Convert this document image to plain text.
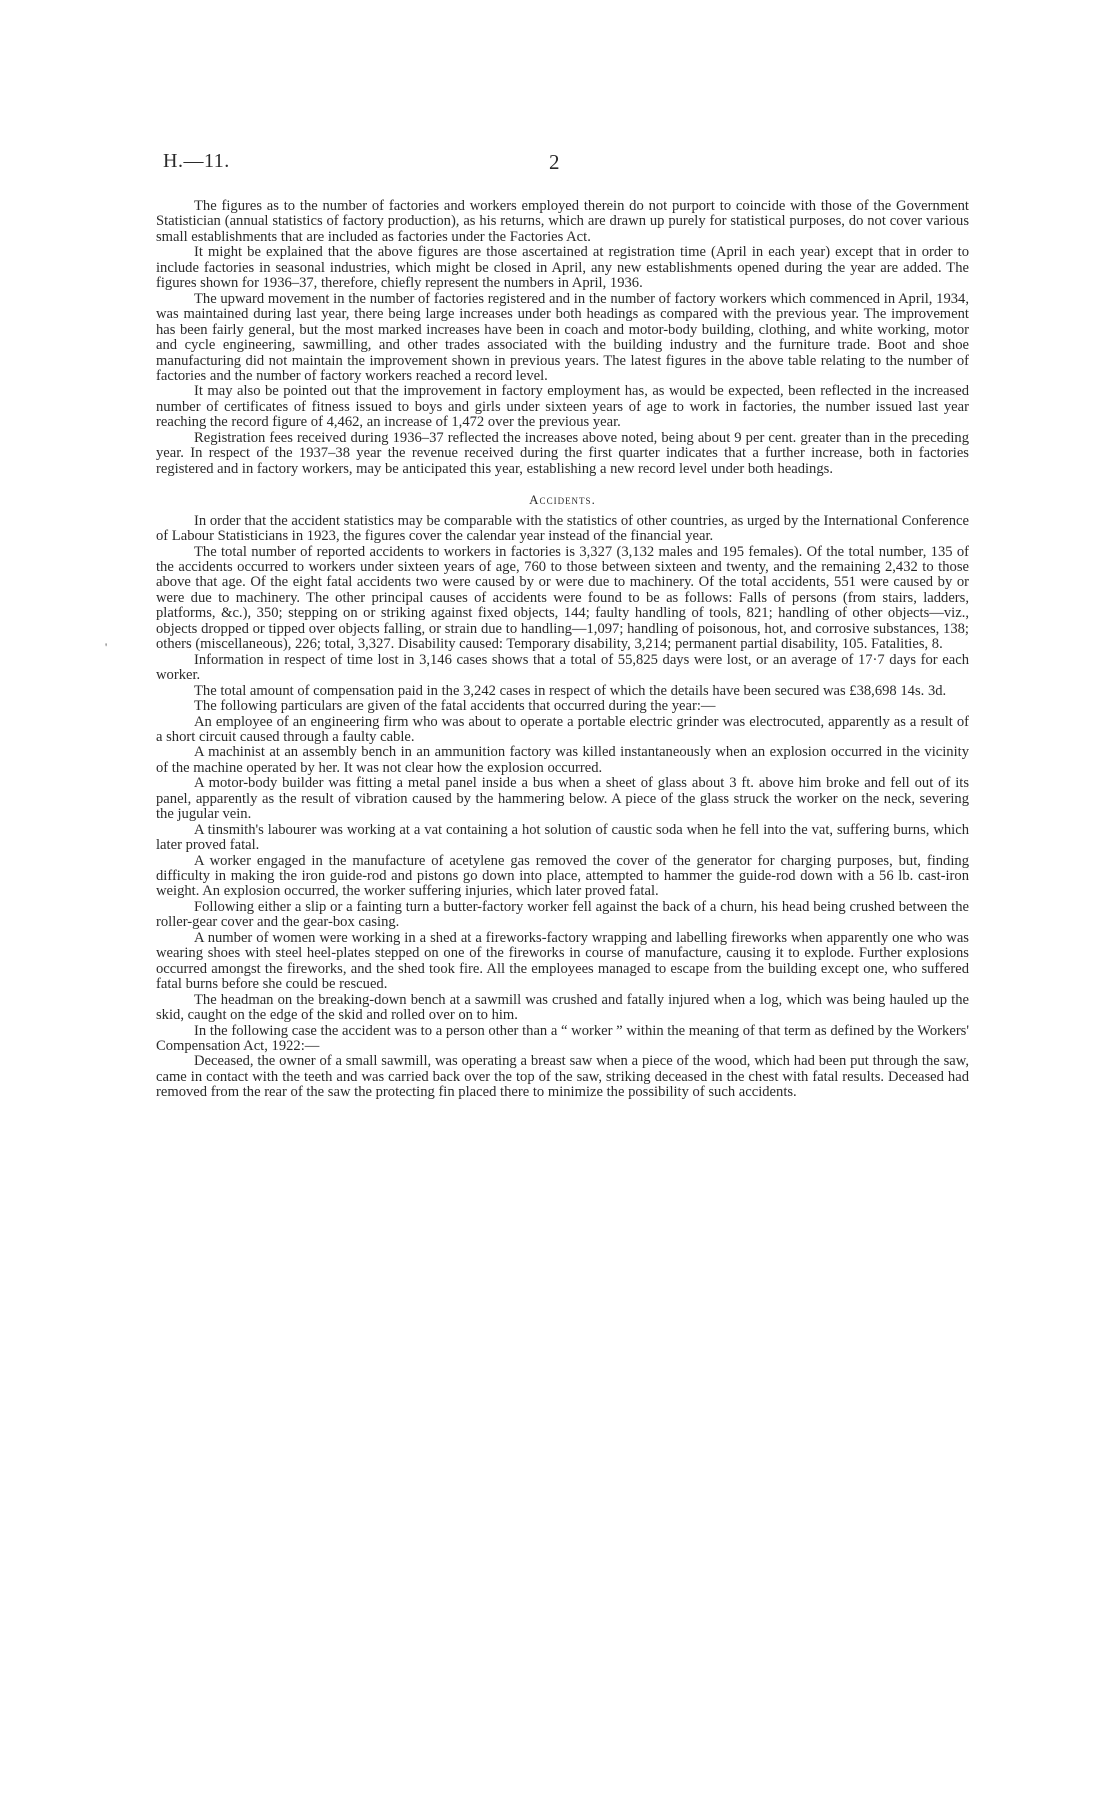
H.—11.	2
'

The figures as to the number of factories and workers employed therein do not purport to coincide with those of the Government Statistician (annual statistics of factory production), as his returns, which are drawn up purely for statistical purposes, do not cover various small establishments that are included as factories under the Factories Act.

It might be explained that the above figures are those ascertained at registration time (April in each year) except that in order to include factories in seasonal industries, which might be closed in April, any new establishments opened during the year are added. The figures shown for 1936–37, therefore, chiefly represent the numbers in April, 1936.

The upward movement in the number of factories registered and in the number of factory workers which commenced in April, 1934, was maintained during last year, there being large increases under both headings as compared with the previous year. The improvement has been fairly general, but the most marked increases have been in coach and motor-body building, clothing, and white working, motor and cycle engineering, sawmilling, and other trades associated with the building industry and the furniture trade. Boot and shoe manufacturing did not maintain the improvement shown in previous years. The latest figures in the above table relating to the number of factories and the number of factory workers reached a record level.

It may also be pointed out that the improvement in factory employment has, as would be expected, been reflected in the increased number of certificates of fitness issued to boys and girls under sixteen years of age to work in factories, the number issued last year reaching the record figure of 4,462, an increase of 1,472 over the previous year.

Registration fees received during 1936–37 reflected the increases above noted, being about 9 per cent. greater than in the preceding year. In respect of the 1937–38 year the revenue received during the first quarter indicates that a further increase, both in factories registered and in factory workers, may be anticipated this year, establishing a new record level under both headings.

Accidents.

In order that the accident statistics may be comparable with the statistics of other countries, as urged by the International Conference of Labour Statisticians in 1923, the figures cover the calendar year instead of the financial year.

The total number of reported accidents to workers in factories is 3,327 (3,132 males and 195 females). Of the total number, 135 of the accidents occurred to workers under sixteen years of age, 760 to those between sixteen and twenty, and the remaining 2,432 to those above that age. Of the eight fatal accidents two were caused by or were due to machinery. Of the total accidents, 551 were caused by or were due to machinery. The other principal causes of accidents were found to be as follows: Falls of persons (from stairs, ladders, platforms, &c.), 350; stepping on or striking against fixed objects, 144; faulty handling of tools, 821; handling of other objects—viz., objects dropped or tipped over objects falling, or strain due to handling—1,097; handling of poisonous, hot, and corrosive substances, 138; others (miscellaneous), 226; total, 3,327. Disability caused: Temporary disability, 3,214; permanent partial disability, 105. Fatalities, 8.

Information in respect of time lost in 3,146 cases shows that a total of 55,825 days were lost, or an average of 17·7 days for each worker.

The total amount of compensation paid in the 3,242 cases in respect of which the details have been secured was £38,698 14s. 3d.

The following particulars are given of the fatal accidents that occurred during the year:—

An employee of an engineering firm who was about to operate a portable electric grinder was electrocuted, apparently as a result of a short circuit caused through a faulty cable.

A machinist at an assembly bench in an ammunition factory was killed instantaneously when an explosion occurred in the vicinity of the machine operated by her. It was not clear how the explosion occurred.

A motor-body builder was fitting a metal panel inside a bus when a sheet of glass about 3 ft. above him broke and fell out of its panel, apparently as the result of vibration caused by the hammering below. A piece of the glass struck the worker on the neck, severing the jugular vein.

A tinsmith's labourer was working at a vat containing a hot solution of caustic soda when he fell into the vat, suffering burns, which later proved fatal.

A worker engaged in the manufacture of acetylene gas removed the cover of the generator for charging purposes, but, finding difficulty in making the iron guide-rod and pistons go down into place, attempted to hammer the guide-rod down with a 56 lb. cast-iron weight. An explosion occurred, the worker suffering injuries, which later proved fatal.

Following either a slip or a fainting turn a butter-factory worker fell against the back of a churn, his head being crushed between the roller-gear cover and the gear-box casing.

A number of women were working in a shed at a fireworks-factory wrapping and labelling fireworks when apparently one who was wearing shoes with steel heel-plates stepped on one of the fireworks in course of manufacture, causing it to explode. Further explosions occurred amongst the fireworks, and the shed took fire. All the employees managed to escape from the building except one, who suffered fatal burns before she could be rescued.

The headman on the breaking-down bench at a sawmill was crushed and fatally injured when a log, which was being hauled up the skid, caught on the edge of the skid and rolled over on to him.

In the following case the accident was to a person other than a “ worker ” within the meaning of that term as defined by the Workers' Compensation Act, 1922:—

Deceased, the owner of a small sawmill, was operating a breast saw when a piece of the wood, which had been put through the saw, came in contact with the teeth and was carried back over the top of the saw, striking deceased in the chest with fatal results. Deceased had removed from the rear of the saw the protecting fin placed there to minimize the possibility of such accidents.
